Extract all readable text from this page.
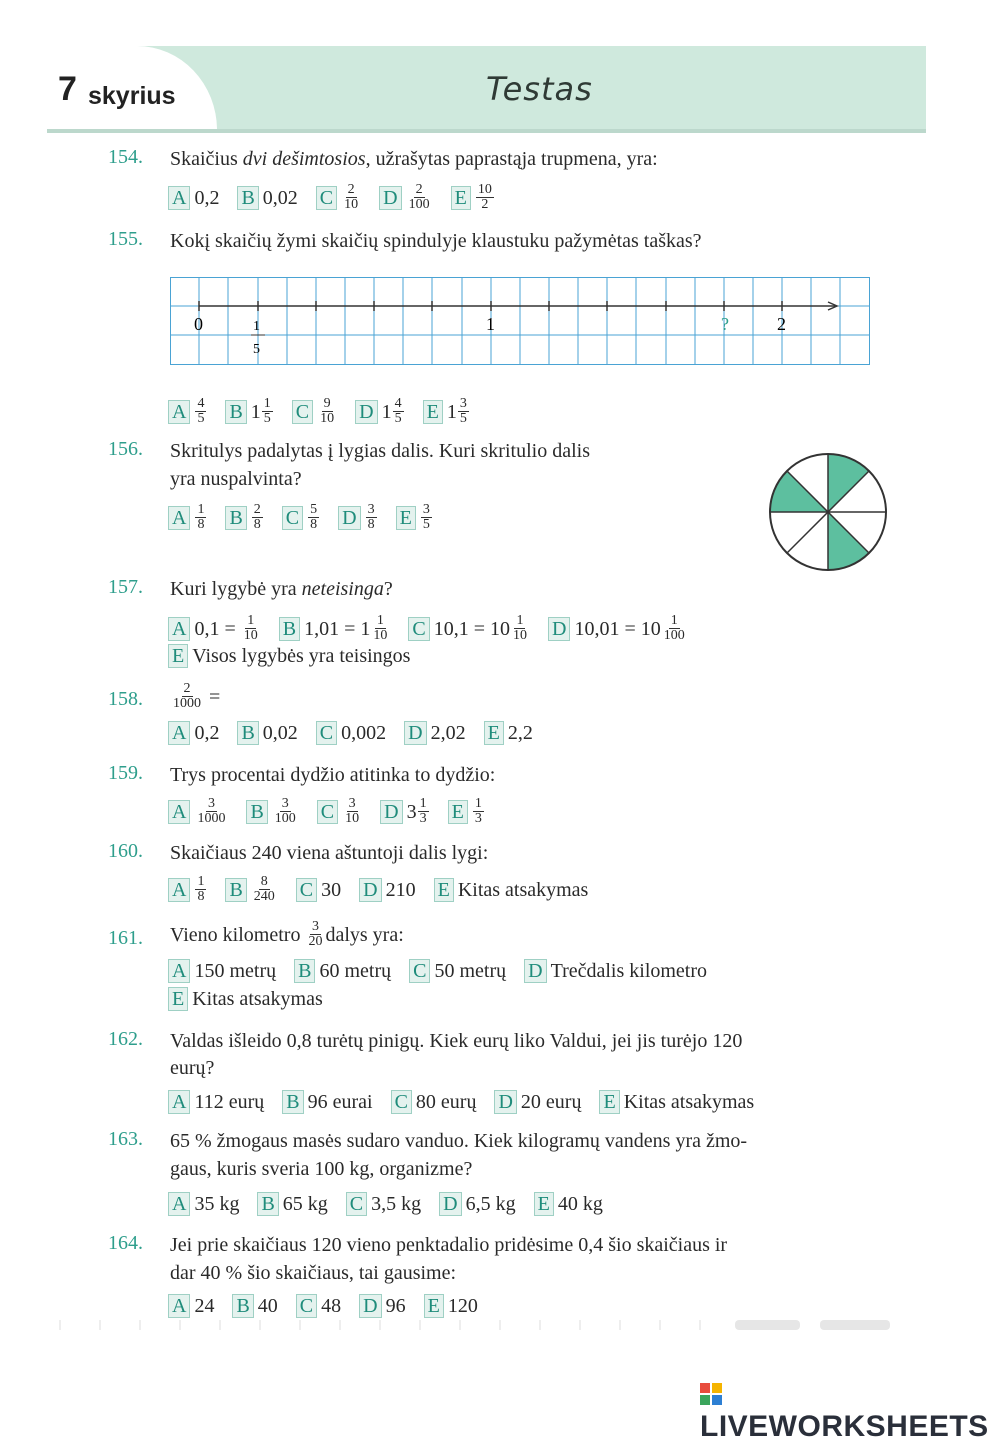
7 skyrius	Testas
154. Skaičius dvi dešimtosios, užrašytas paprastąja trupmena, yra:
A 0,2 B 0,02 C $\frac{2}{10}$ D $\frac{2}{100}$ E $\frac{10}{2}$
155. Kokį skaičių žymi skaičių spindulyje klaustuku pažymėtas taškas?
0	1
5
1	?	2
A $\frac{4}{5}$ B $1 \frac{1}{5}$ C $\frac{9}{10}$ D $1 \frac{4}{5}$ E $1 \frac{3}{5}$
156. Skritulys padalytas į lygias dalis. Kuri skritulio dalis
yra nuspalvinta?
A $\frac{1}{8}$ B $\frac{2}{8}$ C $\frac{5}{8}$ D $\frac{3}{8}$ E $\frac{3}{5}$
157. Kuri lygybė yra neteisinga?
A 0,1 =
$\frac{1}{10}$ B $1,01 = 1 \frac{1}{10}$ C $10,1 = 10 \frac{1}{10}$ D $10,01 = 10 \frac{1}{100}$
E Visos lygybės yra teisingos
158. $\frac{2}{1000}$
=
A 0,2 B 0,02 C 0,002 D 2,02 E 2,2
159. Trys procentai dydžio atitinka to dydžio:
A $\frac{3}{1000}$ B $\frac{3}{100}$ C $\frac{3}{10}$ D $3 \frac{1}{3}$ E $\frac{1}{3}$
160. Skaičiaus 240 viena aštuntoji dalis lygi:
A $\frac{1}{8}$ B $\frac{8}{240}$ C 30 D 210 E Kitas atsakymas
161. Vieno kilometro
$\frac{3}{20}$ dalys yra:
A 150 metrų B 60 metrų C 50 metrų D Trečdalis kilometro
E Kitas atsakymas
162. Valdas išleido 0,8 turėtų pinigų. Kiek eurų liko Valdui, jei jis turėjo 120
eurų?
A 112 eurų B 96 eurai C 80 eurų D 20 eurų E Kitas atsakymas
163. 65 % žmogaus masės sudaro vanduo. Kiek kilogramų vandens yra žmo-
gaus, kuris sveria 100 kg, organizme?
A 35 kg B 65 kg C 3,5 kg D 6,5 kg E 40 kg
164. Jei prie skaičiaus 120 vieno penktadalio pridėsime 0,4 šio skaičiaus ir
dar 40 % šio skaičiaus, tai gausime:
A 24 B 40 C 48 D 96 E 120
LIVEWORKSHEETS
